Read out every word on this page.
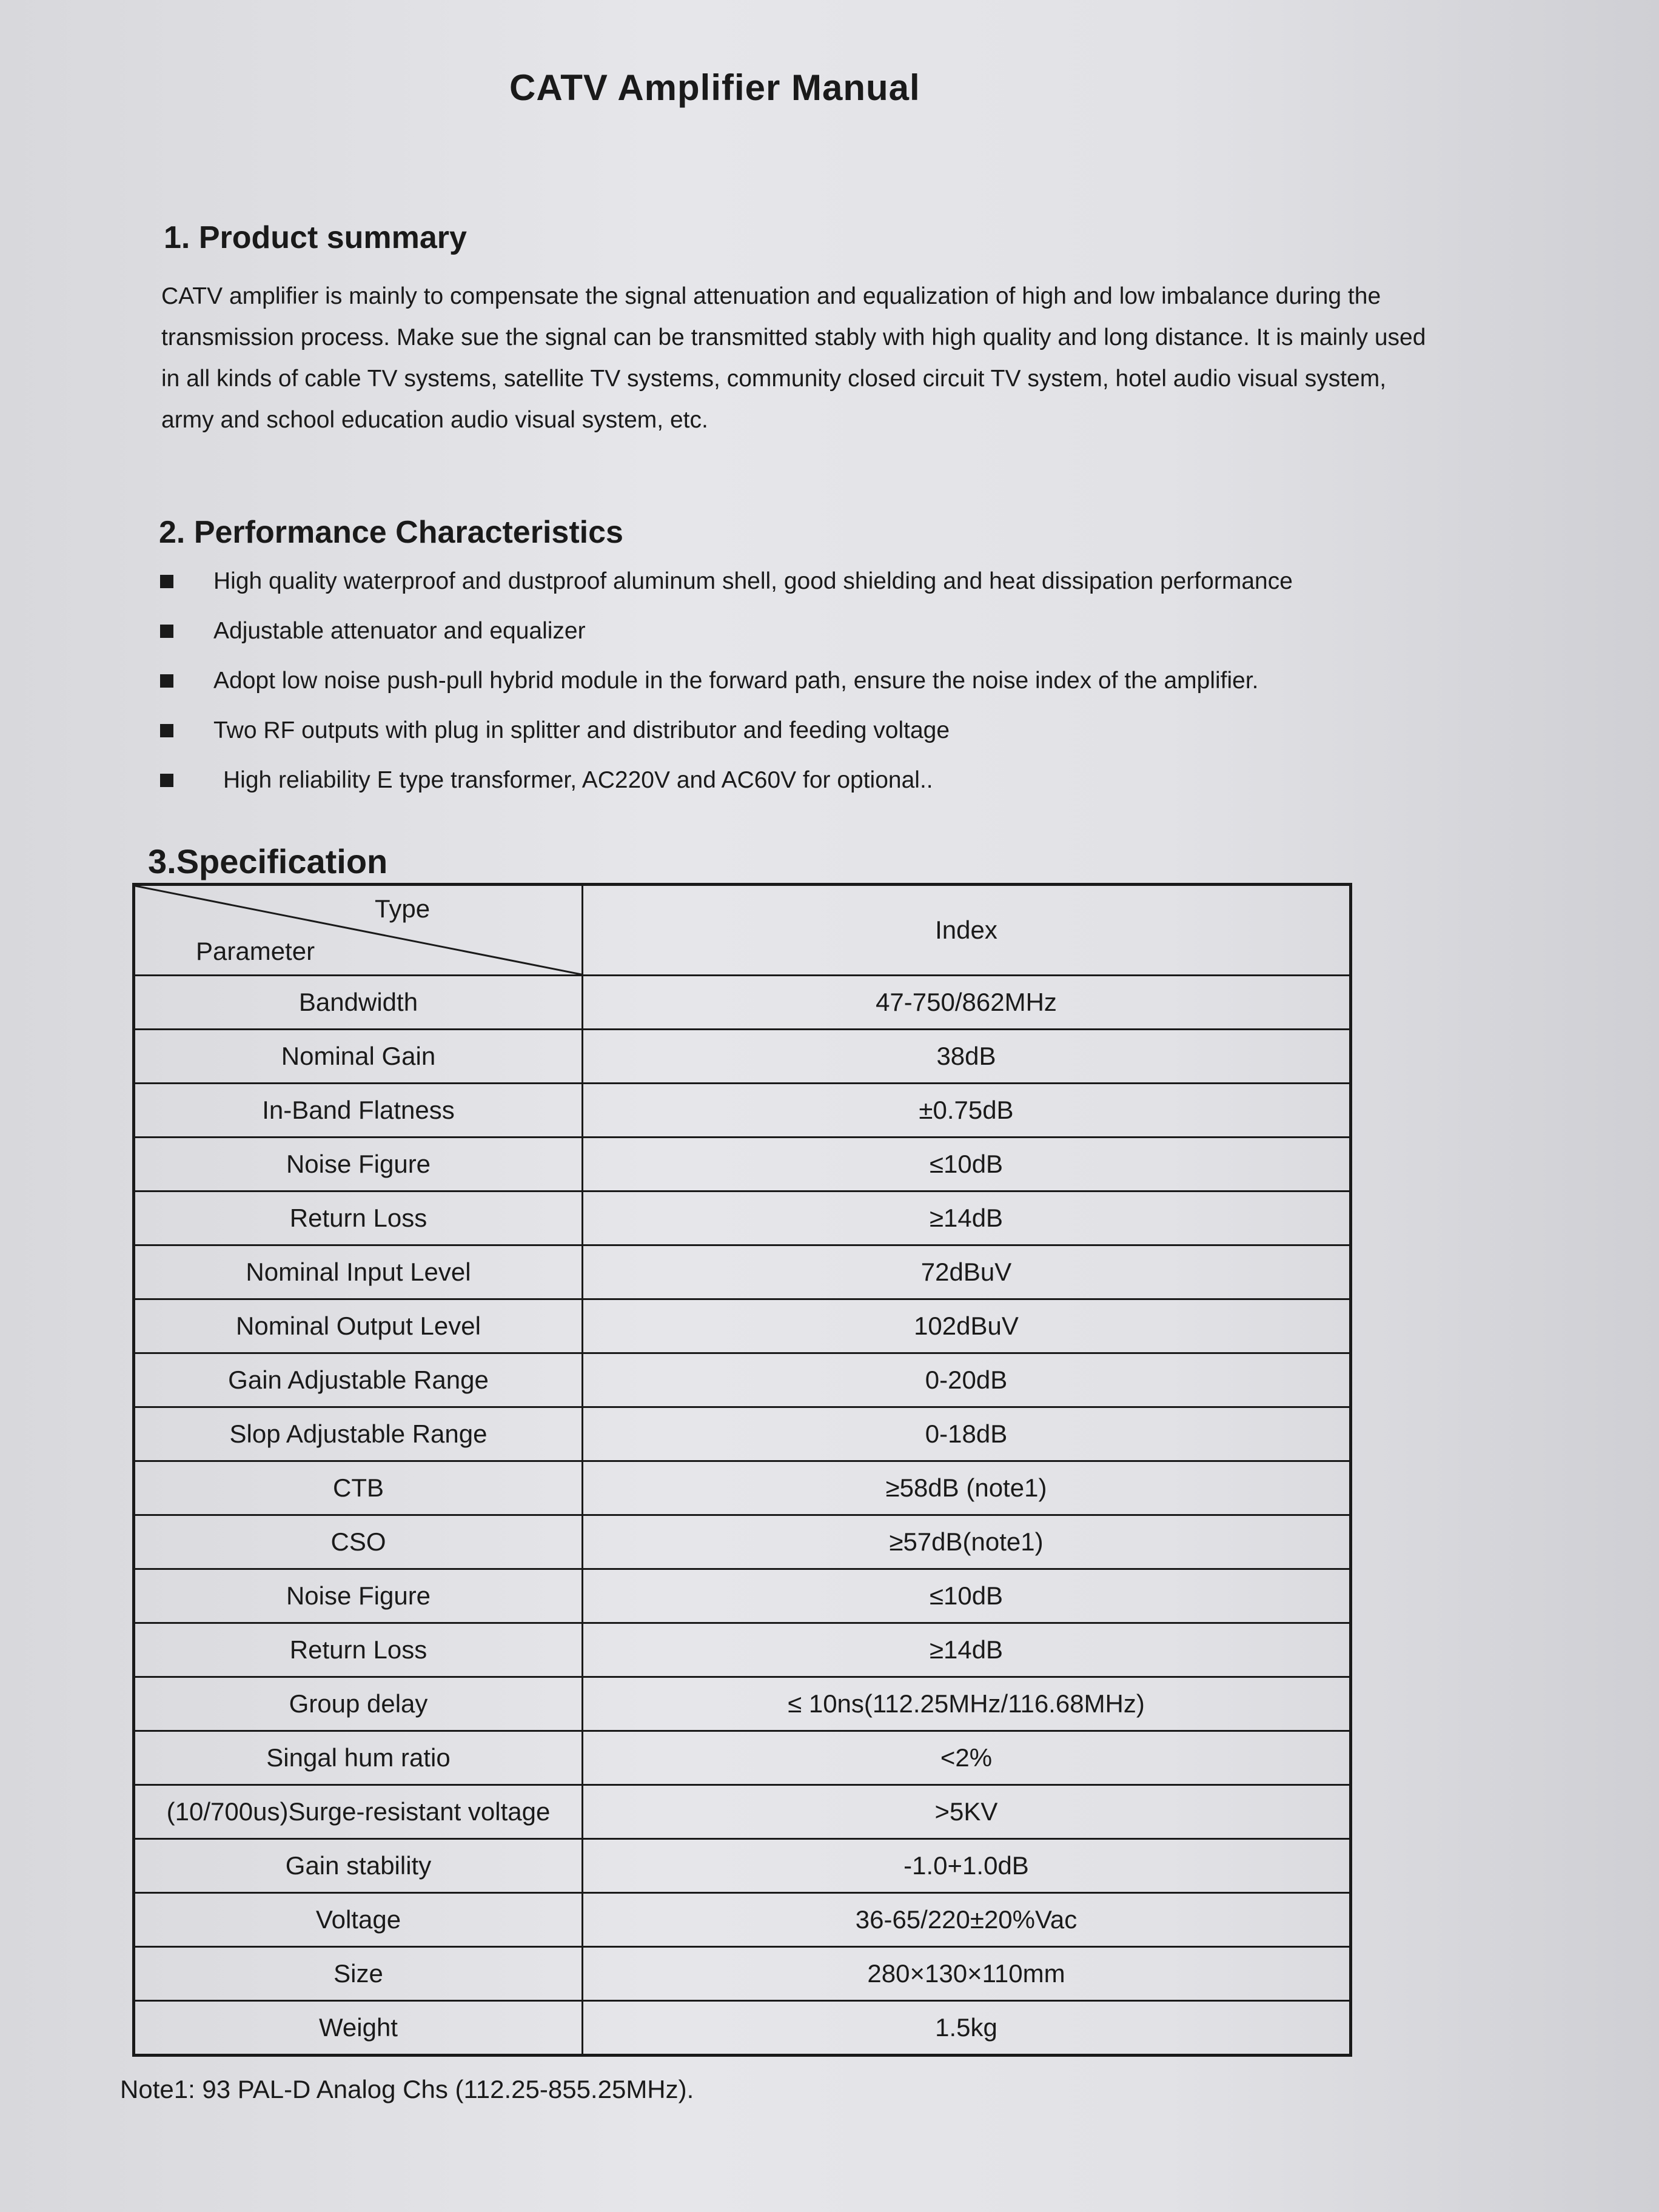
CATV Amplifier Manual
1. Product summary
CATV amplifier is mainly to compensate the signal attenuation and equalization of high and low imbalance during the
transmission process. Make sue the signal can be transmitted stably with high quality and long distance. It is mainly used
in all kinds of cable TV systems, satellite TV systems, community closed circuit TV system, hotel audio visual system,
army and school education audio visual system, etc.
2. Performance Characteristics
High quality waterproof and dustproof aluminum shell, good shielding and heat dissipation performance
Adjustable attenuator and equalizer
Adopt low noise push-pull hybrid module in the forward path, ensure the noise index of the amplifier.
Two RF outputs with plug in splitter and distributor and feeding voltage
High reliability E type transformer, AC220V and AC60V for optional..
3.Specification
Type
Parameter	Index
Bandwidth	47-750/862MHz
Nominal Gain	38dB
In-Band Flatness	±0.75dB
Noise Figure	≤10dB
Return Loss	≥14dB
Nominal Input Level	72dBuV
Nominal Output Level	102dBuV
Gain Adjustable Range	0-20dB
Slop Adjustable Range	0-18dB
CTB	≥58dB (note1)
CSO	≥57dB(note1)
Noise Figure	≤10dB
Return Loss	≥14dB
Group delay	≤ 10ns(112.25MHz/116.68MHz)
Singal hum ratio	<2%
(10/700us)Surge-resistant voltage	>5KV
Gain stability	-1.0+1.0dB
Voltage	36-65/220±20%Vac
Size	280×130×110mm
Weight	1.5kg
Note1: 93 PAL-D Analog Chs (112.25-855.25MHz).
